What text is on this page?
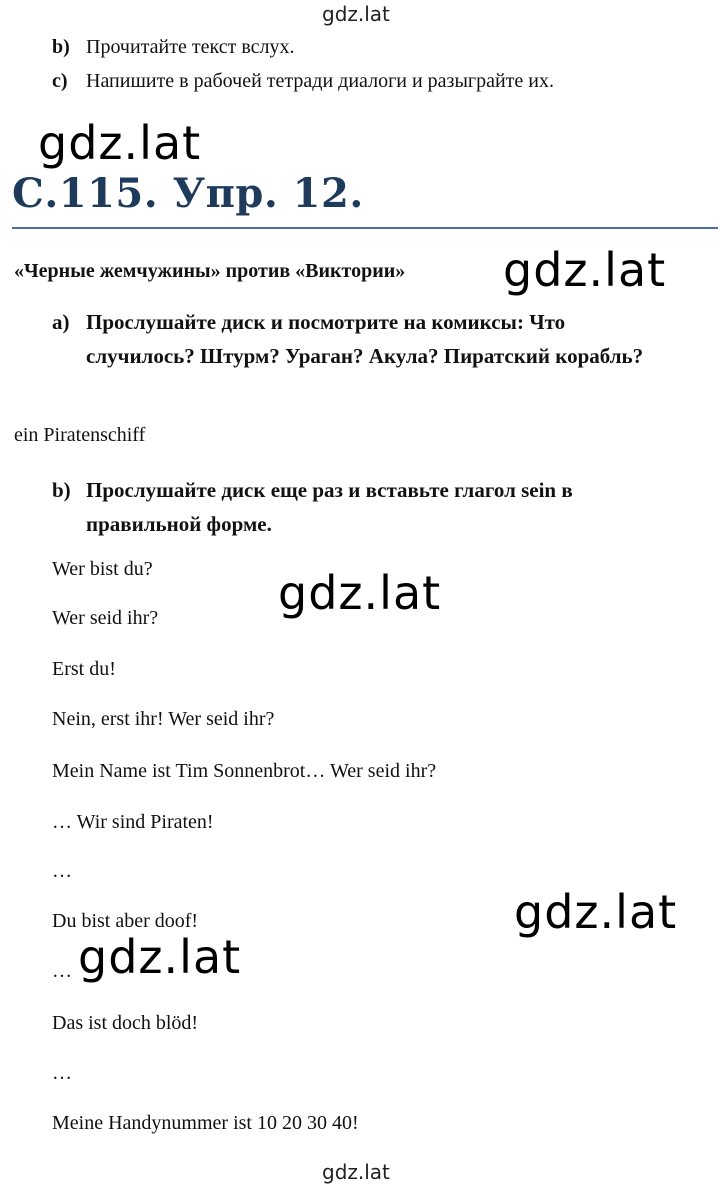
gdz.lat
b) Прочитайте текст вслух.
c) Напишите в рабочей тетради диалоги и разыграйте их.
gdz.lat
С.115. Упр. 12.
«Черные жемчужины» против «Виктории» gdz.lat
a) Прослушайте диск и посмотрите на комиксы: Что случилось? Штурм? Ураган? Акула? Пиратский корабль?
ein Piratenschiff
b) Прослушайте диск еще раз и вставьте глагол sein в правильной форме.
Wer bist du?
Wer seid ihr?
Erst du!
Nein, erst ihr! Wer seid ihr?
Mein Name ist Tim Sonnenbrot… Wer seid ihr?
… Wir sind Piraten!
…
Du bist aber doof!
…
Das ist doch blöd!
…
Meine Handynummer ist 10 20 30 40!
gdz.lat
gdz.lat
gdz.lat
gdz.lat
